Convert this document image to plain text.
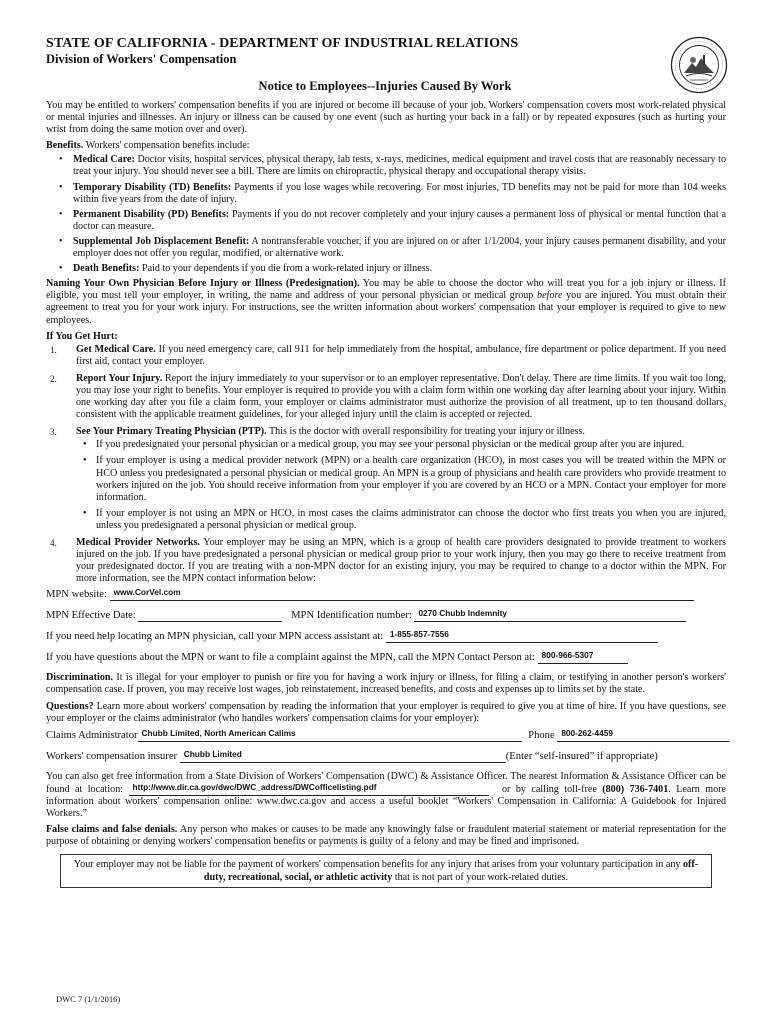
STATE OF CALIFORNIA - DEPARTMENT OF INDUSTRIAL RELATIONS
Division of Workers' Compensation
Notice to Employees--Injuries Caused By Work

You may be entitled to workers' compensation benefits if you are injured or become ill because of your job. Workers' compensation covers most work-related physical or mental injuries and illnesses. An injury or illness can be caused by one event (such as hurting your back in a fall) or by repeated exposures (such as hurting your wrist from doing the same motion over and over).

Benefits. Workers' compensation benefits include:

• Medical Care: Doctor visits, hospital services, physical therapy, lab tests, x-rays, medicines, medical equipment and travel costs that are reasonably necessary to treat your injury. You should never see a bill. There are limits on chiropractic, physical therapy and occupational therapy visits.
• Temporary Disability (TD) Benefits: Payments if you lose wages while recovering. For most injuries, TD benefits may not be paid for more than 104 weeks within five years from the date of injury.
• Permanent Disability (PD) Benefits: Payments if you do not recover completely and your injury causes a permanent loss of physical or mental function that a doctor can measure.
• Supplemental Job Displacement Benefit: A nontransferable voucher, if you are injured on or after 1/1/2004, your injury causes permanent disability, and your employer does not offer you regular, modified, or alternative work.
• Death Benefits: Paid to your dependents if you die from a work-related injury or illness.

Naming Your Own Physician Before Injury or Illness (Predesignation). You may be able to choose the doctor who will treat you for a job injury or illness. If eligible, you must tell your employer, in writing, the name and address of your personal physician or medical group before you are injured. You must obtain their agreement to treat you for your work injury. For instructions, see the written information about workers' compensation that your employer is required to give to new employees.

If You Get Hurt:

1. Get Medical Care. If you need emergency care, call 911 for help immediately from the hospital, ambulance, fire department or police department. If you need first aid, contact your employer.
2. Report Your Injury. Report the injury immediately to your supervisor or to an employer representative. Don't delay. There are time limits. If you wait too long, you may lose your right to benefits. Your employer is required to provide you with a claim form within one working day after learning about your injury. Within one working day after you file a claim form, your employer or claims administrator must authorize the provision of all treatment, up to ten thousand dollars, consistent with the applicable treatment guidelines, for your alleged injury until the claim is accepted or rejected.
3. See Your Primary Treating Physician (PTP). This is the doctor with overall responsibility for treating your injury or illness.
• If you predesignated your personal physician or a medical group, you may see your personal physician or the medical group after you are injured.
• If your employer is using a medical provider network (MPN) or a health care organization (HCO), in most cases you will be treated within the MPN or HCO unless you predesignated a personal physician or medical group. An MPN is a group of physicians and health care providers who provide treatment to workers injured on the job. You should receive information from your employer if you are covered by an HCO or a MPN. Contact your employer for more information.
• If your employer is not using an MPN or HCO, in most cases the claims administrator can choose the doctor who first treats you when you are injured, unless you predesignated a personal physician or medical group.
4. Medical Provider Networks. Your employer may be using an MPN, which is a group of health care providers designated to provide treatment to workers injured on the job. If you have predesignated a personal physician or medical group prior to your work injury, then you may go there to receive treatment from your predesignated doctor. If you are treating with a non-MPN doctor for an existing injury, you may be required to change to a doctor within the MPN. For more information, see the MPN contact information below:
MPN website: www.CorVel.com
MPN Effective Date:	MPN Identification number: 0270 Chubb Indemnity
If you need help locating an MPN physician, call your MPN access assistant at: 1-855-857-7556
If you have questions about the MPN or want to file a complaint against the MPN, call the MPN Contact Person at: 800-966-5307

Discrimination. It is illegal for your employer to punish or fire you for having a work injury or illness, for filing a claim, or testifying in another person's workers' compensation case. If proven, you may receive lost wages, job reinstatement, increased benefits, and costs and expenses up to limits set by the state.

Questions? Learn more about workers' compensation by reading the information that your employer is required to give you at time of hire. If you have questions, see your employer or the claims administrator (who handles workers' compensation claims for your employer):

Claims Administrator Chubb Limited, North American Calims	Phone 800-262-4459
Workers' compensation insurer Chubb Limited	(Enter “self-insured” if appropriate)

You can also get free information from a State Division of Workers' Compensation (DWC) & Assistance Officer. The nearest Information & Assistance Officer can be found at location: http://www.dir.ca.gov/dwc/DWC_address/DWCofficelisting.pdf	or by calling toll-free (800) 736-7401. Learn more information about workers' compensation online: www.dwc.ca.gov and access a useful booklet “Workers' Compensation in California: A Guidebook for Injured Workers.”

False claims and false denials. Any person who makes or causes to be made any knowingly false or fraudulent material statement or material representation for the purpose of obtaining or denying workers' compensation benefits or payments is guilty of a felony and may be fined and imprisoned.

Your employer may not be liable for the payment of workers' compensation benefits for any injury that arises from your voluntary participation in any off-duty, recreational, social, or athletic activity that is not part of your work-related duties.
DWC 7 (1/1/2016)
